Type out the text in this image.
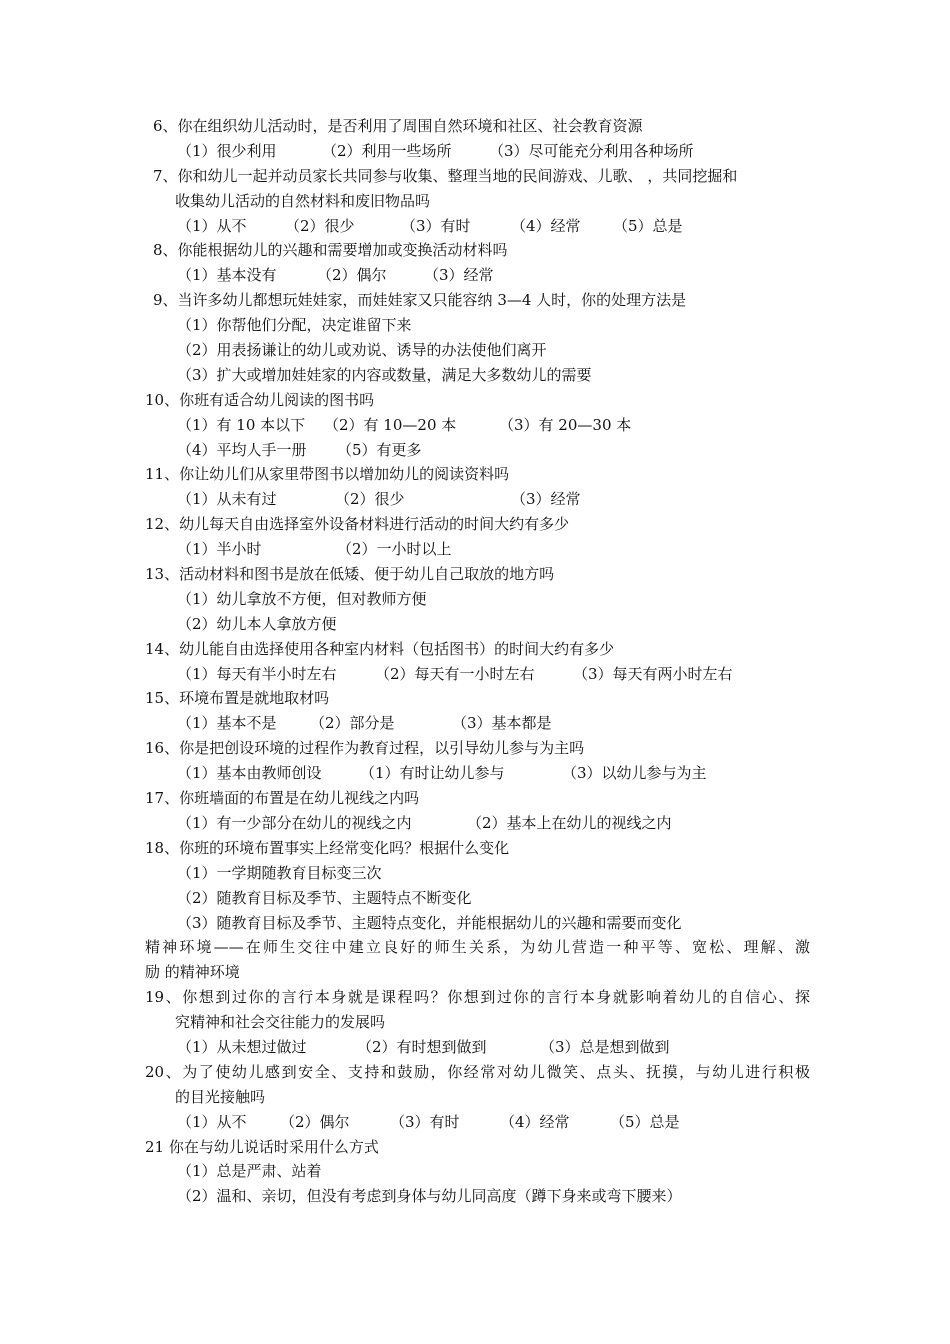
6、你在组织幼儿活动时，是否利用了周围自然环境和社区、社会教育资源
（1）很少利用	（2）利用一些场所	（3）尽可能充分利用各种场所
7、你和幼儿一起并动员家长共同参与收集、整理当地的民间游戏、儿歌、 ，共同挖掘和
收集幼儿活动的自然材料和废旧物品吗
（1）从不	（2）很少	（3）有时	（4）经常	（5）总是
8、你能根据幼儿的兴趣和需要增加或变换活动材料吗
（1）基本没有	（2）偶尔	（3）经常
9、当许多幼儿都想玩娃娃家，而娃娃家又只能容纳 3—4 人时，你的处理方法是
（1）你帮他们分配，决定谁留下来
（2）用表扬谦让的幼儿或劝说、诱导的办法使他们离开
（3）扩大或增加娃娃家的内容或数量，满足大多数幼儿的需要
10、你班有适合幼儿阅读的图书吗
（1）有 10 本以下	（2）有 10—20 本	（3）有 20—30 本
（4）平均人手一册	（5）有更多
11、你让幼儿们从家里带图书以增加幼儿的阅读资料吗
（1）从未有过	（2）很少	（3）经常
12、幼儿每天自由选择室外设备材料进行活动的时间大约有多少
（1）半小时	（2）一小时以上
13、活动材料和图书是放在低矮、便于幼儿自己取放的地方吗
（1）幼儿拿放不方便，但对教师方便
（2）幼儿本人拿放方便
14、幼儿能自由选择使用各种室内材料（包括图书）的时间大约有多少
（1）每天有半小时左右	（2）每天有一小时左右	（3）每天有两小时左右
15、环境布置是就地取材吗
（1）基本不是	（2）部分是	（3）基本都是
16、你是把创设环境的过程作为教育过程，以引导幼儿参与为主吗
（1）基本由教师创设	（1）有时让幼儿参与	（3）以幼儿参与为主
17、你班墙面的布置是在幼儿视线之内吗
（1）有一少部分在幼儿的视线之内	（2）基本上在幼儿的视线之内
18、你班的环境布置事实上经常变化吗？根据什么变化
（1）一学期随教育目标变三次
（2）随教育目标及季节、主题特点不断变化
（3）随教育目标及季节、主题特点变化，并能根据幼儿的兴趣和需要而变化
精神环境——在师生交往中建立良好的师生关系，为幼儿营造一种平等、宽松、理解、激
励 的精神环境
19、你想到过你的言行本身就是课程吗？你想到过你的言行本身就影响着幼儿的自信心、探
究精神和社会交往能力的发展吗
（1）从未想过做过	（2）有时想到做到	（3）总是想到做到
20、为了使幼儿感到安全、支持和鼓励，你经常对幼儿微笑、点头、抚摸，与幼儿进行积极
的目光接触吗
（1）从不	（2）偶尔	（3）有时	（4）经常	（5）总是
21 你在与幼儿说话时采用什么方式
（1）总是严肃、站着
（2）温和、亲切，但没有考虑到身体与幼儿同高度（蹲下身来或弯下腰来）
